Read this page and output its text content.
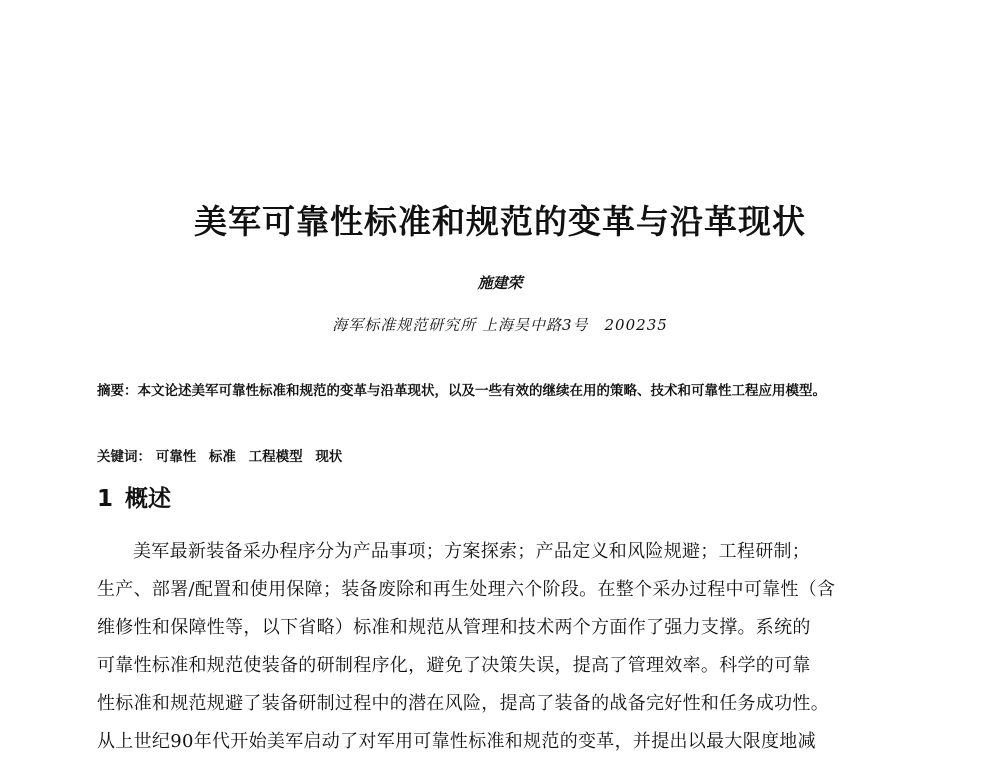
美军可靠性标准和规范的变革与沿革现状
施建荣
海军标准规范研究所 上海吴中路3号　200235
摘要：本文论述美军可靠性标准和规范的变革与沿革现状，以及一些有效的继续在用的策略、技术和可靠性工程应用模型。
关键词： 可靠性 标准 工程模型 现状
1 概述
美军最新装备采办程序分为产品事项；方案探索；产品定义和风险规避；工程研制；
生产、部署/配置和使用保障；装备废除和再生处理六个阶段。在整个采办过程中可靠性（含
维修性和保障性等，以下省略）标准和规范从管理和技术两个方面作了强力支撑。系统的
可靠性标准和规范使装备的研制程序化，避免了决策失误，提高了管理效率。科学的可靠
性标准和规范规避了装备研制过程中的潜在风险，提高了装备的战备完好性和任务成功性。
从上世纪90年代开始美军启动了对军用可靠性标准和规范的变革，并提出以最大限度地减
